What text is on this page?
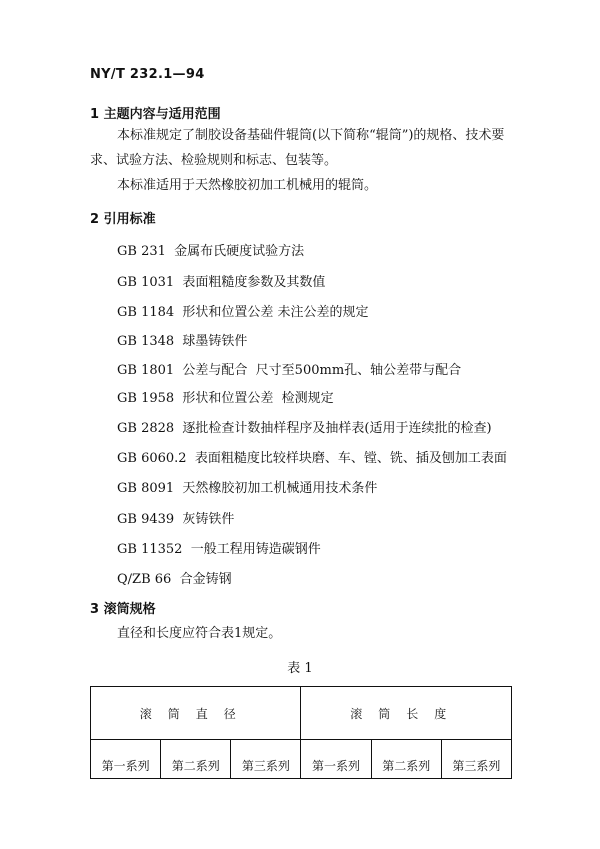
NY/T 232.1—94
1 主题内容与适用范围

本标准规定了制胶设备基础件辊筒(以下简称“辊筒”)的规格、技术要求、试验方法、检验规则和标志、包装等。

本标准适用于天然橡胶初加工机械用的辊筒。

2 引用标准
GB 231  金属布氏硬度试验方法
GB 1031  表面粗糙度参数及其数值
GB 1184  形状和位置公差 未注公差的规定
GB 1348  球墨铸铁件
GB 1801  公差与配合  尺寸至500mm孔、轴公差带与配合
GB 1958  形状和位置公差  检测规定
GB 2828  逐批检查计数抽样程序及抽样表(适用于连续批的检查)
GB 6060.2  表面粗糙度比较样块磨、车、镗、铣、插及刨加工表面
GB 8091  天然橡胶初加工机械通用技术条件
GB 9439  灰铸铁件
GB 11352  一般工程用铸造碳钢件
Q/ZB 66  合金铸钢
3 滚筒规格

直径和长度应符合表1规定。

表 1
滚筒直径			滚筒长度		
第一系列	第二系列	第三系列	第一系列	第二系列	第三系列
